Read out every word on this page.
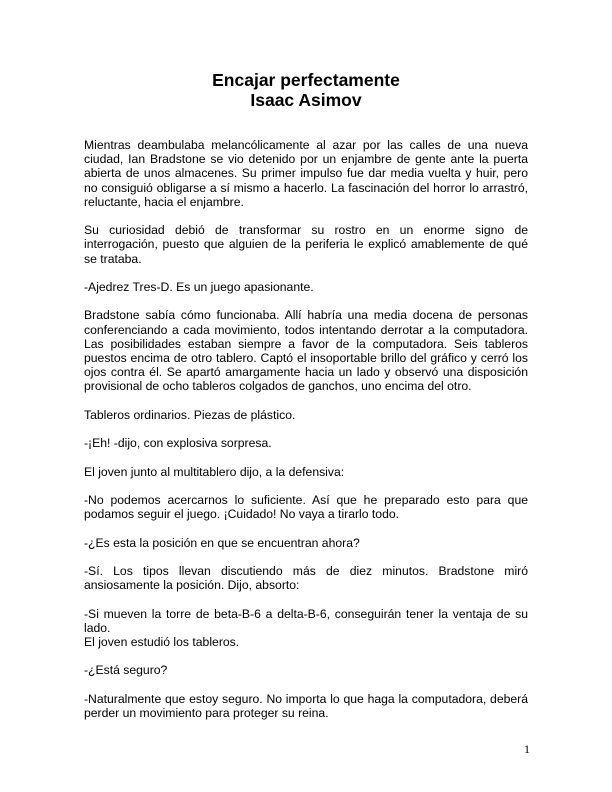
Encajar perfectamente
Isaac Asimov

Mientras deambulaba melancólicamente al azar por las calles de una nueva ciudad, Ian Bradstone se vio detenido por un enjambre de gente ante la puerta abierta de unos almacenes. Su primer impulso fue dar media vuelta y huir, pero no consiguió obligarse a sí mismo a hacerlo. La fascinación del horror lo arrastró, reluctante, hacia el enjambre.

Su curiosidad debió de transformar su rostro en un enorme signo de interrogación, puesto que alguien de la periferia le explicó amablemente de qué se trataba.

-Ajedrez Tres-D. Es un juego apasionante.

Bradstone sabía cómo funcionaba. Allí habría una media docena de personas conferenciando a cada movimiento, todos intentando derrotar a la computadora. Las posibilidades estaban siempre a favor de la computadora. Seis tableros puestos encima de otro tablero. Captó el insoportable brillo del gráfico y cerró los ojos contra él. Se apartó amargamente hacia un lado y observó una disposición provisional de ocho tableros colgados de ganchos, uno encima del otro.

Tableros ordinarios. Piezas de plástico.

-¡Eh! -dijo, con explosiva sorpresa.

El joven junto al multitablero dijo, a la defensiva:

-No podemos acercarnos lo suficiente. Así que he preparado esto para que podamos seguir el juego. ¡Cuidado! No vaya a tirarlo todo.

-¿Es esta la posición en que se encuentran ahora?

-Sí. Los tipos llevan discutiendo más de diez minutos. Bradstone miró ansiosamente la posición. Dijo, absorto:

-Si mueven la torre de beta-B-6 a delta-B-6, conseguirán tener la ventaja de su lado.

El joven estudió los tableros.

-¿Está seguro?

-Naturalmente que estoy seguro. No importa lo que haga la computadora, deberá perder un movimiento para proteger su reina.

1
